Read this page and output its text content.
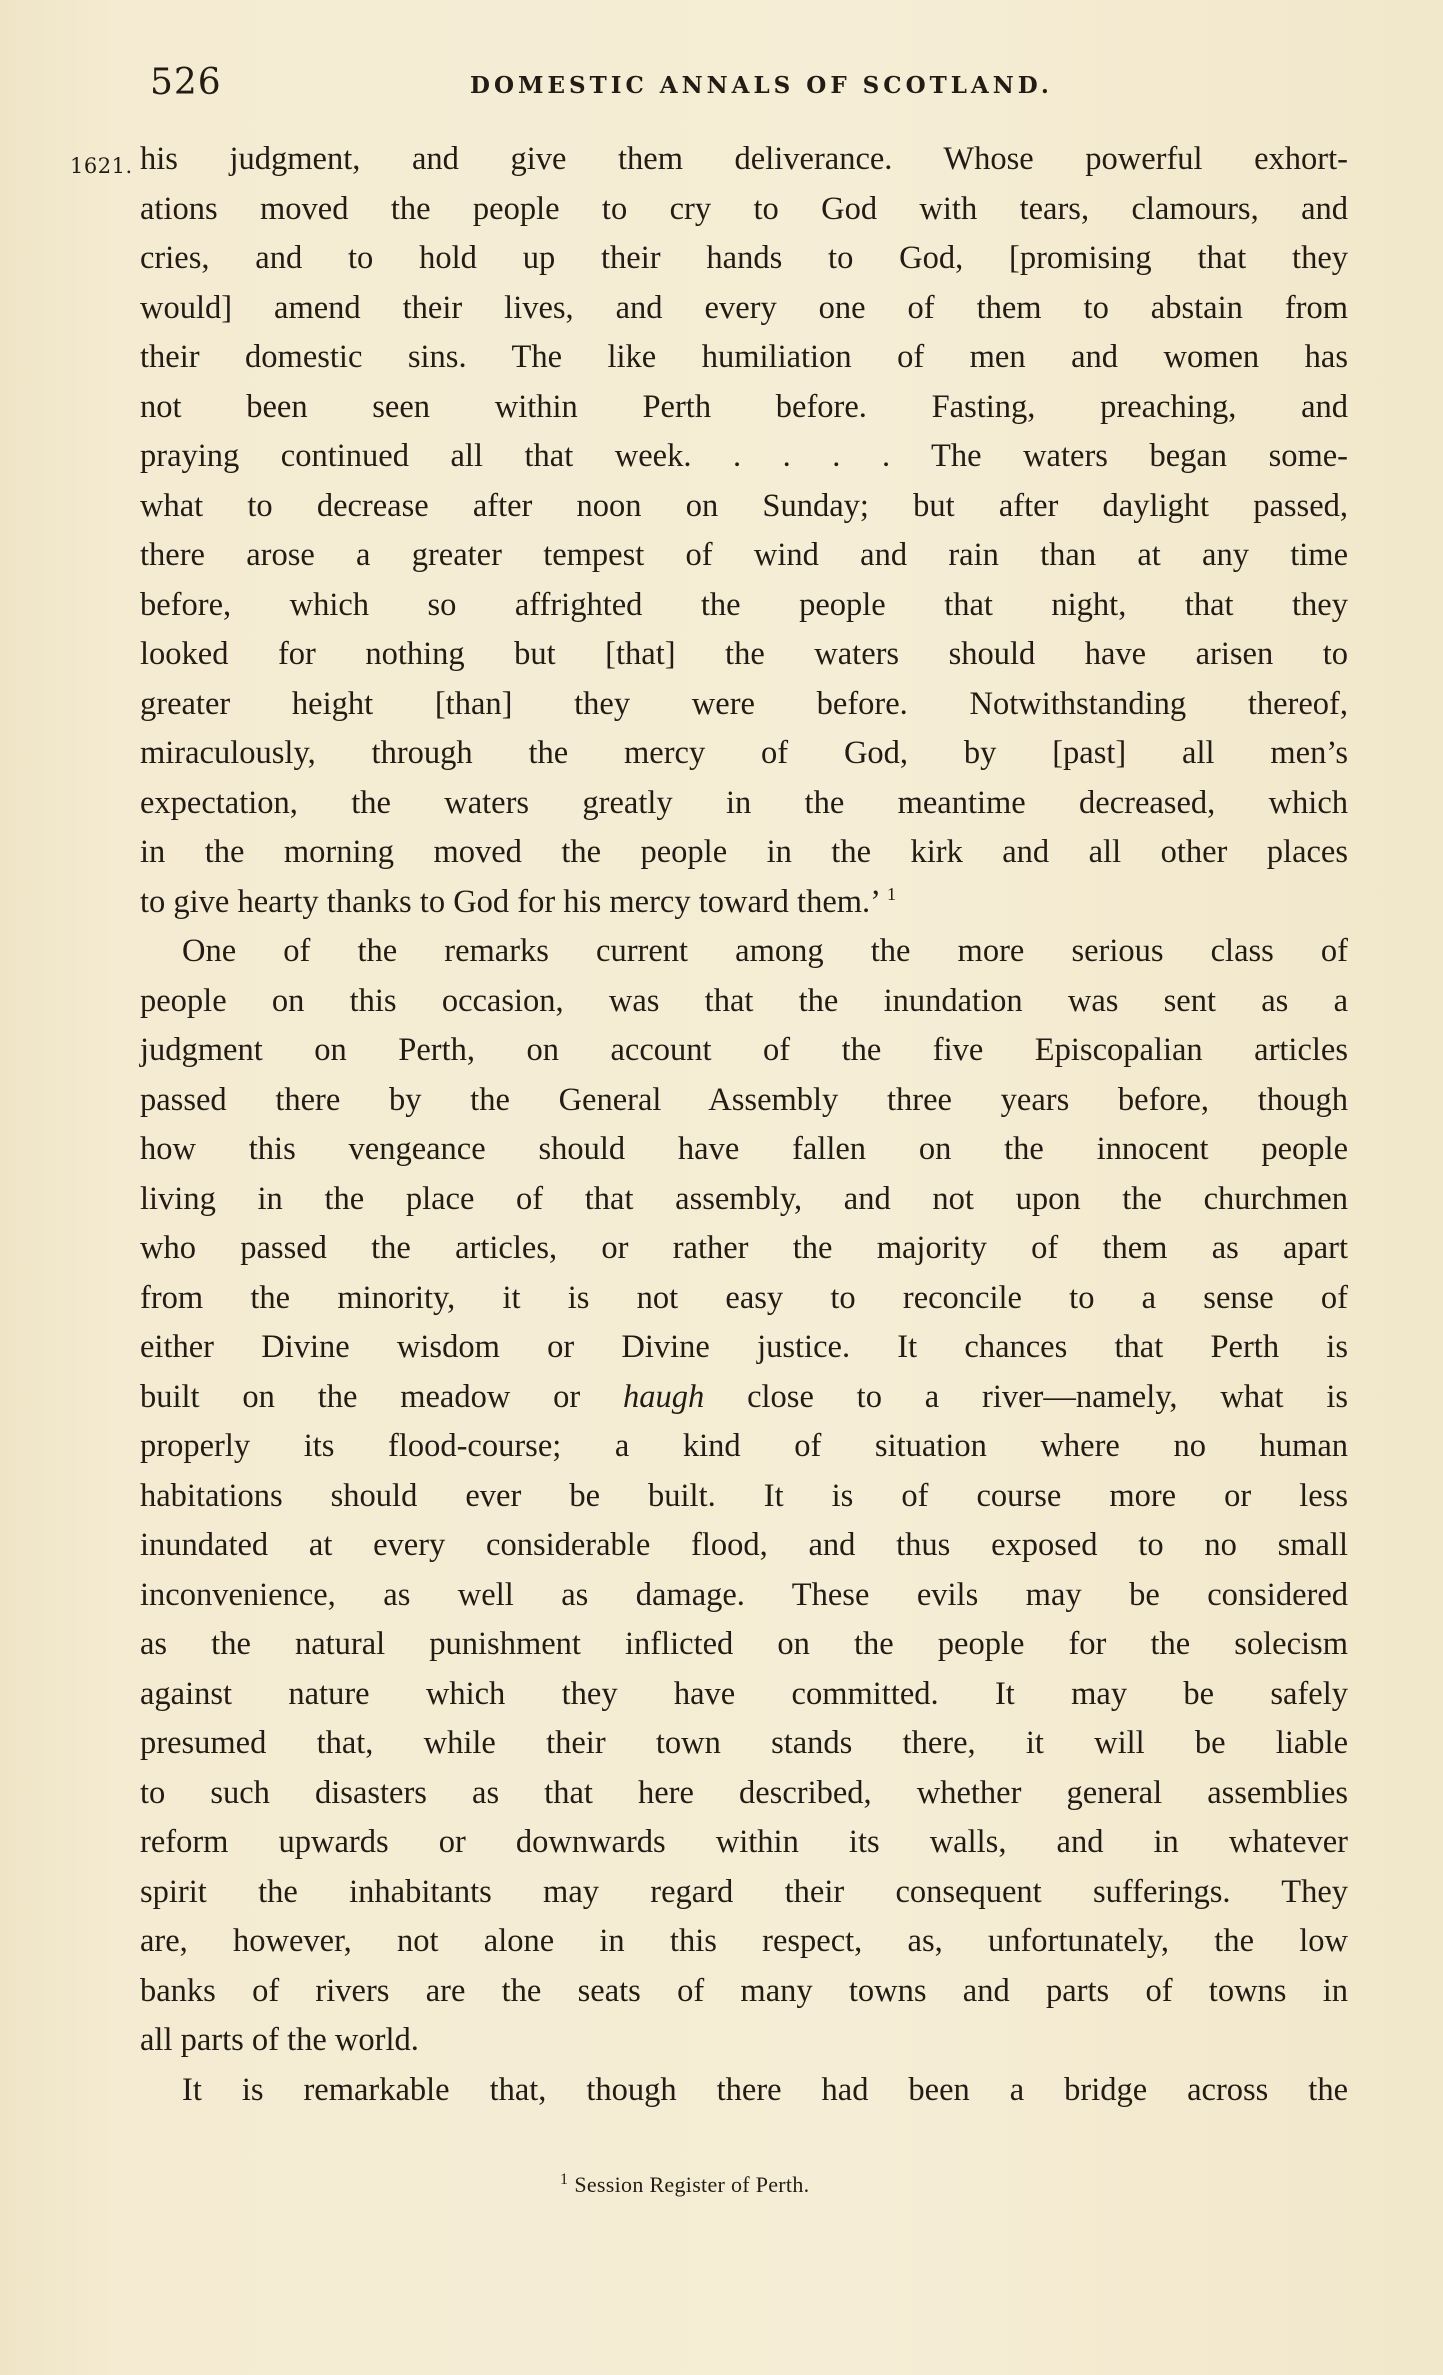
526	DOMESTIC ANNALS OF SCOTLAND.
1621. his judgment, and give them deliverance. Whose powerful exhort-
ations moved the people to cry to God with tears, clamours, and
cries, and to hold up their hands to God, [promising that they
would] amend their lives, and every one of them to abstain from
their domestic sins. The like humiliation of men and women has
not been seen within Perth before. Fasting, preaching, and
praying continued all that week. . . . . The waters began some-
what to decrease after noon on Sunday; but after daylight passed,
there arose a greater tempest of wind and rain than at any time
before, which so affrighted the people that night, that they
looked for nothing but [that] the waters should have arisen to
greater height [than] they were before. Notwithstanding thereof,
miraculously, through the mercy of God, by [past] all men’s
expectation, the waters greatly in the meantime decreased, which
in the morning moved the people in the kirk and all other places
to give hearty thanks to God for his mercy toward them.’ $^1$
One of the remarks current among the more serious class of
people on this occasion, was that the inundation was sent as a
judgment on Perth, on account of the five Episcopalian articles
passed there by the General Assembly three years before, though
how this vengeance should have fallen on the innocent people
living in the place of that assembly, and not upon the churchmen
who passed the articles, or rather the majority of them as apart
from the minority, it is not easy to reconcile to a sense of
either Divine wisdom or Divine justice. It chances that Perth is
built on the meadow or haugh close to a river—namely, what is
properly its flood-course; a kind of situation where no human
habitations should ever be built. It is of course more or less
inundated at every considerable flood, and thus exposed to no small
inconvenience, as well as damage. These evils may be considered
as the natural punishment inflicted on the people for the solecism
against nature which they have committed. It may be safely
presumed that, while their town stands there, it will be liable
to such disasters as that here described, whether general assemblies
reform upwards or downwards within its walls, and in whatever
spirit the inhabitants may regard their consequent sufferings. They
are, however, not alone in this respect, as, unfortunately, the low
banks of rivers are the seats of many towns and parts of towns in
all parts of the world.
It is remarkable that, though there had been a bridge across the
$^1$ Session Register of Perth.
